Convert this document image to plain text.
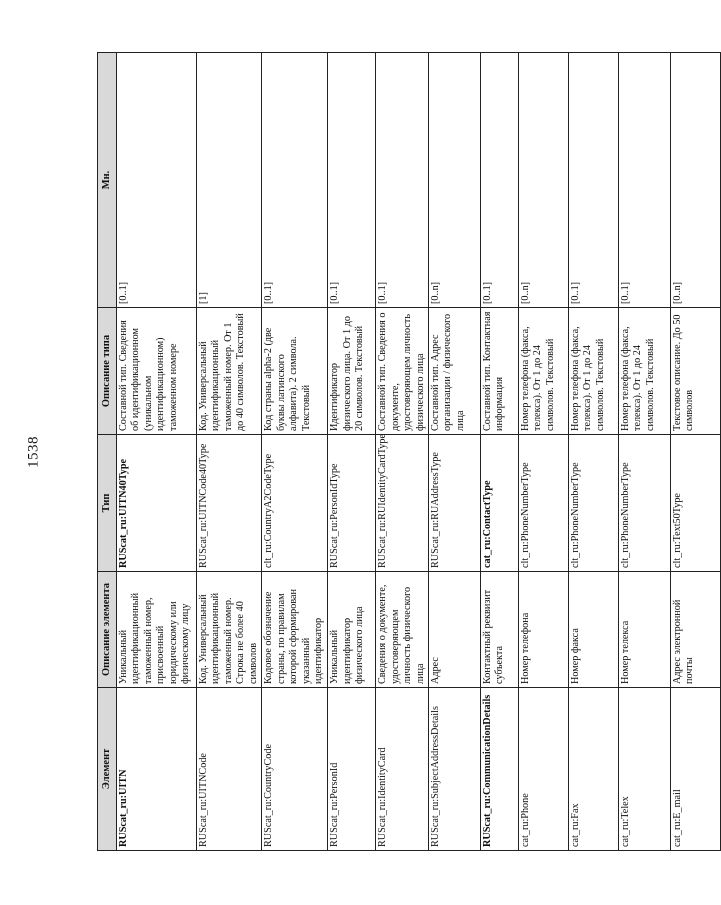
1538
Элемент	Описание элемента	Тип	Описание типа	Мн.
RUScat_ru:UITN	Уникальный идентификационный таможенный номер, присвоенный юридическому или физическому лицу	RUScat_ru:UITN40Type	Составной тип. Сведения об идентификационном (уникальном идентификационном) таможенном номере	[0..1]
RUScat_ru:UITNCode	Код. Универсальный идентификационный таможенный номер. Строка не более 40 символов	RUScat_ru:UITNCode40Type	Код. Универсальный идентификационный таможенный номер. От 1 до 40 символов. Текстовый	[1]
RUScat_ru:CountryCode	Кодовое обозначение страны, по правилам которой сформирован указанный идентификатор	clt_ru:CountryA2CodeType	Код страны alpha-2 (две буквы латинского алфавита). 2 символа. Текстовый	[0..1]
RUScat_ru:PersonId	Уникальный идентификатор физического лица	RUScat_ru:PersonIdType	Идентификатор физического лица. От 1 до 20 символов. Текстовый	[0..1]
RUScat_ru:IdentityCard	Сведения о документе, удостоверяющем личность физического лица	RUScat_ru:RUIdentityCardType	Составной тип. Сведения о документе, удостоверяющем личность физического лица	[0..1]
RUScat_ru:SubjectAddressDetails	Адрес	RUScat_ru:RUAddressType	Составной тип. Адрес организации / физического лица	[0..n]
RUScat_ru:CommunicationDetails	Контактный реквизит субъекта	cat_ru:ContactType	Составной тип. Контактная информация	[0..1]
cat_ru:Phone	Номер телефона	clt_ru:PhoneNumberType	Номер телефона (факса, телекса). От 1 до 24 символов. Текстовый	[0..n]
cat_ru:Fax	Номер факса	clt_ru:PhoneNumberType	Номер телефона (факса, телекса). От 1 до 24 символов. Текстовый	[0..1]
cat_ru:Telex	Номер телекса	clt_ru:PhoneNumberType	Номер телефона (факса, телекса). От 1 до 24 символов. Текстовый	[0..1]
cat_ru:E_mail	Адрес электронной почты	clt_ru:Text50Type	Текстовое описание. До 50 символов	[0..n]
